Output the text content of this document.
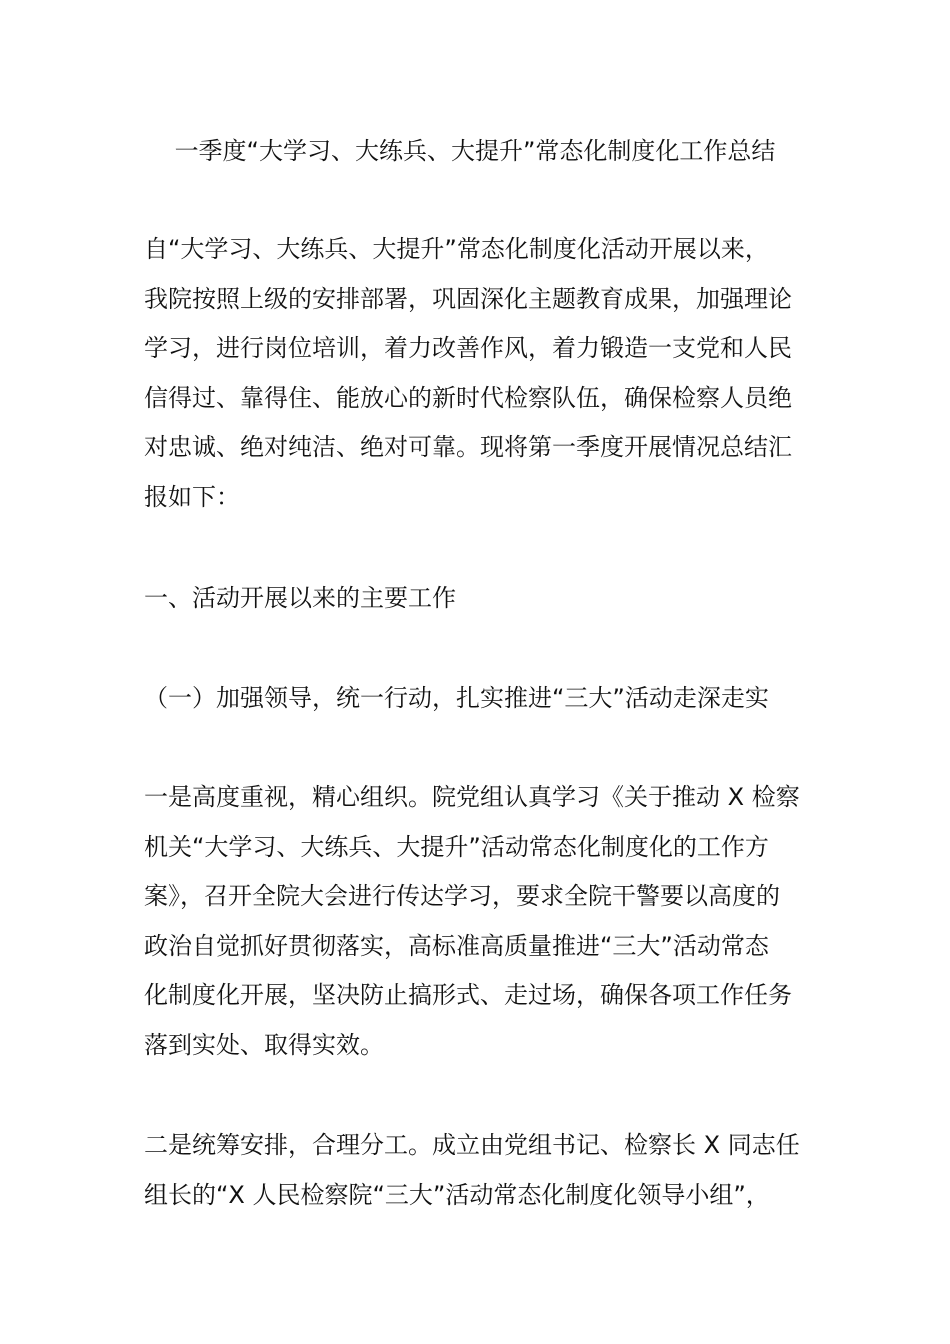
一季度“大学习、大练兵、大提升”常态化制度化工作总结
自“大学习、大练兵、大提升”常态化制度化活动开展以来，
我院按照上级的安排部署，巩固深化主题教育成果，加强理论
学习，进行岗位培训，着力改善作风，着力锻造一支党和人民
信得过、靠得住、能放心的新时代检察队伍，确保检察人员绝
对忠诚、绝对纯洁、绝对可靠。现将第一季度开展情况总结汇
报如下：
一、活动开展以来的主要工作
（一）加强领导，统一行动，扎实推进“三大”活动走深走实
一是高度重视，精心组织。院党组认真学习《关于推动 X 检察
机关“大学习、大练兵、大提升”活动常态化制度化的工作方
案》，召开全院大会进行传达学习，要求全院干警要以高度的
政治自觉抓好贯彻落实，高标准高质量推进“三大”活动常态
化制度化开展，坚决防止搞形式、走过场，确保各项工作任务
落到实处、取得实效。
二是统筹安排，合理分工。成立由党组书记、检察长 X 同志任
组长的“X 人民检察院“三大”活动常态化制度化领导小组”，
